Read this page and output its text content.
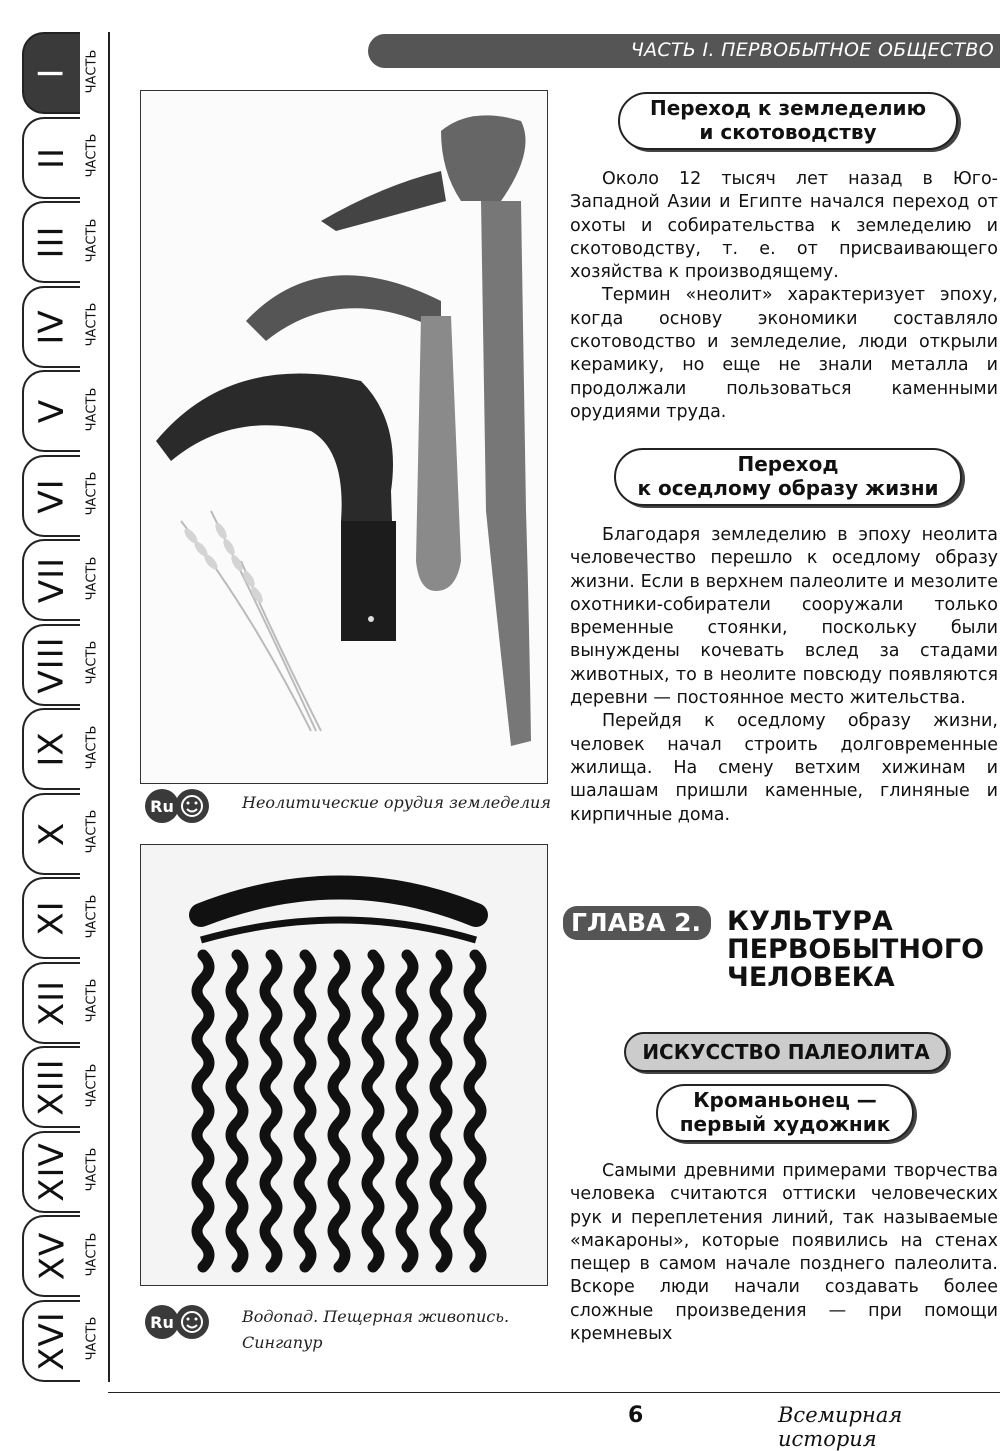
I ЧАСТЬ
II ЧАСТЬ
III ЧАСТЬ
IV ЧАСТЬ
V ЧАСТЬ
VI ЧАСТЬ
VII ЧАСТЬ
VIII ЧАСТЬ
IX ЧАСТЬ
X ЧАСТЬ
XI ЧАСТЬ
XII ЧАСТЬ
XIII ЧАСТЬ
XIV ЧАСТЬ
XV ЧАСТЬ
XVI ЧАСТЬ
ЧАСТЬ I. ПЕРВОБЫТНОЕ ОБЩЕСТВО
Ru	Неолитические орудия земледелия
Ru	Водопад. Пещерная живопись.
Сингапур
Переход к земледелию
и скотоводству

Около 12 тысяч лет назад в Юго-Западной Азии и Египте начался переход от охоты и собирательства к земледелию и скотоводству, т. е. от присваивающего хозяйства к производящему.

Термин «неолит» характеризует эпоху, когда основу экономики составляло скотоводство и земледелие, люди открыли керамику, но еще не знали металла и продолжали пользоваться каменными орудиями труда.

Переход
к оседлому образу жизни

Благодаря земледелию в эпоху неолита человечество перешло к оседлому образу жизни. Если в верхнем палеолите и мезолите охотники-собиратели сооружали только временные стоянки, поскольку были вынуждены кочевать вслед за стадами животных, то в неолите повсюду появляются деревни — постоянное место жительства.

Перейдя к оседлому образу жизни, человек начал строить долговременные жилища. На смену ветхим хижинам и шалашам пришли каменные, глиняные и кирпичные дома.

ГЛАВА 2. КУЛЬТУРА
ПЕРВОБЫТНОГО
ЧЕЛОВЕКА
ИСКУССТВО ПАЛЕОЛИТА
Кроманьонец —
первый художник

Самыми древними примерами творчества человека считаются оттиски человеческих рук и переплетения линий, так называемые «макароны», которые появились на стенах пещер в самом начале позднего палеолита. Вскоре люди начали создавать более сложные произведения — при помощи кремневых

6	Всемирная история
